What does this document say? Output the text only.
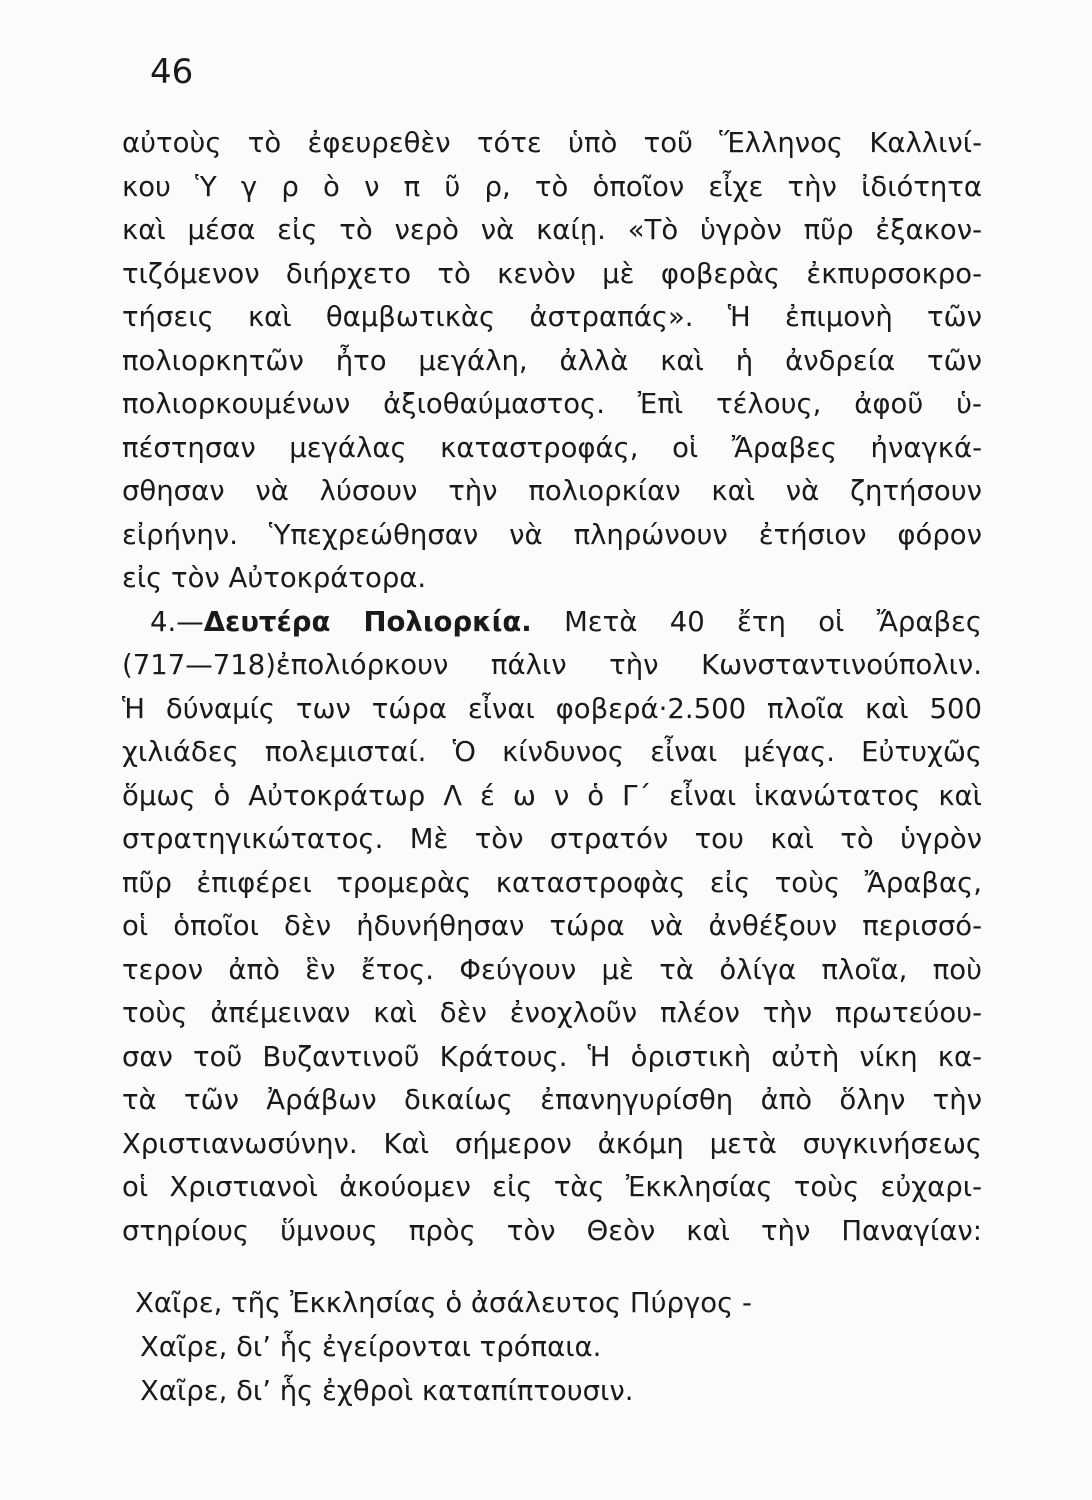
46
αὐτοὺς τὸ ἐφευρεθὲν τότε ὑπὸ τοῦ Ἕλληνος Καλλινί-
κου Ὑ γ ρ ὸ ν π ῦ ρ, τὸ ὁποῖον εἶχε τὴν ἰδιότητα
καὶ μέσα εἰς τὸ νερὸ νὰ καίῃ. «Τὸ ὑγρὸν πῦρ ἐξακον-
τιζόμενον διήρχετο τὸ κενὸν μὲ φοβερὰς ἐκπυρσοκρο-
τήσεις καὶ θαμβωτικὰς ἀστραπάς». Ἡ ἐπιμονὴ τῶν
πολιορκητῶν ἦτο μεγάλη, ἀλλὰ καὶ ἡ ἀνδρεία τῶν
πολιορκουμένων ἀξιοθαύμαστος. Ἐπὶ τέλους, ἀφοῦ ὑ-
πέστησαν μεγάλας καταστροφάς, οἱ Ἄραβες ἠναγκά-
σθησαν νὰ λύσουν τὴν πολιορκίαν καὶ νὰ ζητήσουν
εἰρήνην. Ὑπεχρεώθησαν νὰ πληρώνουν ἐτήσιον φόρον
εἰς τὸν Αὐτοκράτορα.
4.—Δευτέρα Πολιορκία. Μετὰ 40 ἔτη οἱ Ἄραβες
(717—718)ἐπολιόρκουν πάλιν τὴν Κωνσταντινούπολιν.
Ἡ δύναμίς των τώρα εἶναι φοβερά·2.500 πλοῖα καὶ 500
χιλιάδες πολεμισταί. Ὁ κίνδυνος εἶναι μέγας. Εὐτυχῶς
ὅμως ὁ Αὐτοκράτωρ Λ έ ω ν ὁ Γ΄ εἶναι ἱκανώτατος καὶ
στρατηγικώτατος. Μὲ τὸν στρατόν του καὶ τὸ ὑγρὸν
πῦρ ἐπιφέρει τρομερὰς καταστροφὰς εἰς τοὺς Ἄραβας,
οἱ ὁποῖοι δὲν ἠδυνήθησαν τώρα νὰ ἀνθέξουν περισσό-
τερον ἀπὸ ἓν ἔτος. Φεύγουν μὲ τὰ ὀλίγα πλοῖα, ποὺ
τοὺς ἀπέμειναν καὶ δὲν ἐνοχλοῦν πλέον τὴν πρωτεύου-
σαν τοῦ Βυζαντινοῦ Κράτους. Ἡ ὁριστικὴ αὐτὴ νίκη κα-
τὰ τῶν Ἀράβων δικαίως ἐπανηγυρίσθη ἀπὸ ὅλην τὴν
Χριστιανωσύνην. Καὶ σήμερον ἀκόμη μετὰ συγκινήσεως
οἱ Χριστιανοὶ ἀκούομεν εἰς τὰς Ἐκκλησίας τοὺς εὐχαρι-
στηρίους ὕμνους πρὸς τὸν Θεὸν καὶ τὴν Παναγίαν:
Χαῖρε, τῆς Ἐκκλησίας ὁ ἀσάλευτος Πύργος -
Χαῖρε, δι’ ἧς ἐγείρονται τρόπαια.
Χαῖρε, δι’ ἧς ἐχθροὶ καταπίπτουσιν.
